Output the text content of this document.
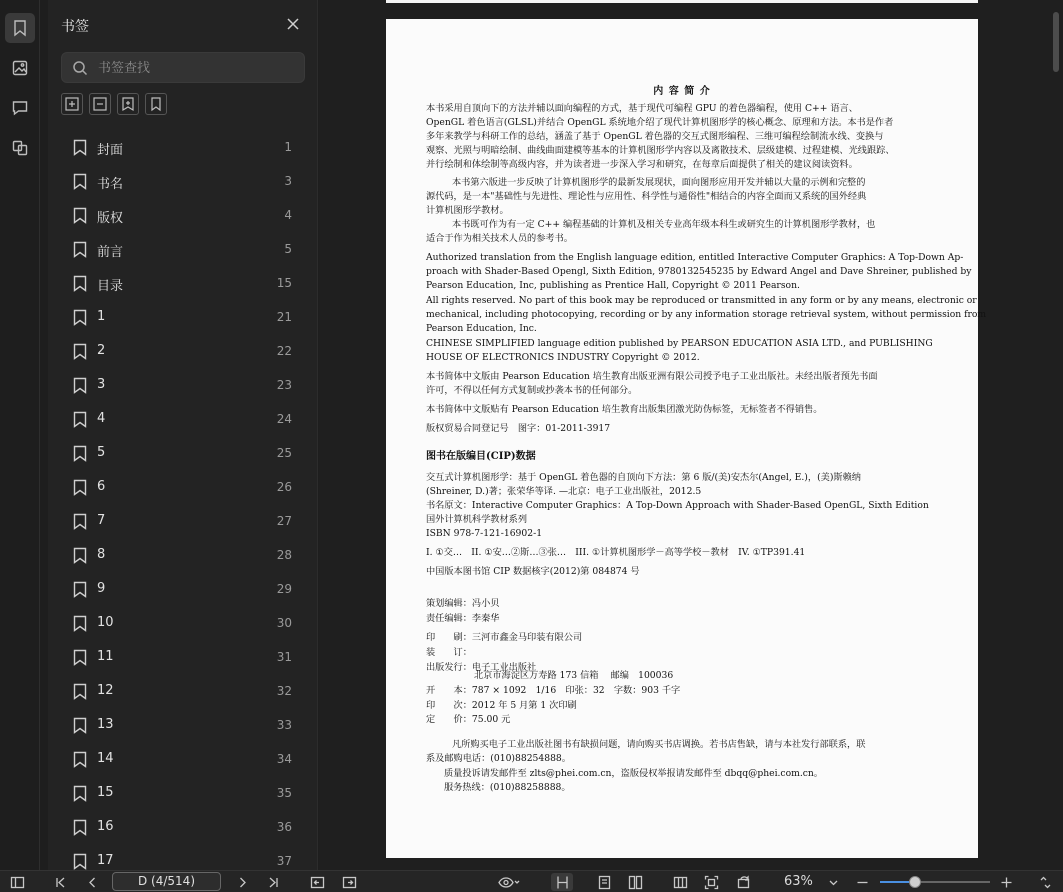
书签
书签查找
封面	1
书名	3
版权	4
前言	5
目录	15
1	21
2	22
3	23
4	24
5	25
6	26
7	27
8	28
9	29
10	30
11	31
12	32
13	33
14	34
15	35
16	36
17	37
内 容 简 介
本书采用自顶向下的方法并辅以面向编程的方式，基于现代可编程 GPU 的着色器编程，使用 C++ 语言、
OpenGL 着色语言(GLSL)并结合 OpenGL 系统地介绍了现代计算机图形学的核心概念、原理和方法。本书是作者
多年来教学与科研工作的总结，涵盖了基于 OpenGL 着色器的交互式图形编程、三维可编程绘制流水线、变换与
观察、光照与明暗绘制、曲线曲面建模等基本的计算机图形学内容以及离散技术、层级建模、过程建模、光线跟踪、
并行绘制和体绘制等高级内容，并为读者进一步深入学习和研究，在每章后面提供了相关的建议阅读资料。
本书第六版进一步反映了计算机图形学的最新发展现状，面向图形应用开发并辅以大量的示例和完整的
源代码，是一本"基础性与先进性、理论性与应用性、科学性与通俗性"相结合的内容全面而又系统的国外经典
计算机图形学教材。
本书既可作为有一定 C++ 编程基础的计算机及相关专业高年级本科生或研究生的计算机图形学教材，也
适合于作为相关技术人员的参考书。
Authorized translation from the English language edition, entitled Interactive Computer Graphics: A Top-Down Ap-
proach with Shader-Based Opengl, Sixth Edition, 9780132545235 by Edward Angel and Dave Shreiner, published by
Pearson Education, Inc, publishing as Prentice Hall, Copyright © 2011 Pearson.
All rights reserved. No part of this book may be reproduced or transmitted in any form or by any means, electronic or
mechanical, including photocopying, recording or by any information storage retrieval system, without permission from
Pearson Education, Inc.
CHINESE SIMPLIFIED language edition published by PEARSON EDUCATION ASIA LTD., and PUBLISHING
HOUSE OF ELECTRONICS INDUSTRY Copyright © 2012.
本书简体中文版由 Pearson Education 培生教育出版亚洲有限公司授予电子工业出版社。未经出版者预先书面
许可，不得以任何方式复制或抄袭本书的任何部分。
本书简体中文版贴有 Pearson Education 培生教育出版集团激光防伪标签，无标签者不得销售。
版权贸易合同登记号　图字：01-2011-3917
图书在版编目(CIP)数据
交互式计算机图形学：基于 OpenGL 着色器的自顶向下方法：第 6 版/(美)安杰尔(Angel, E.)，(美)斯赖纳
(Shreiner, D.)著；张荣华等译. —北京：电子工业出版社，2012.5
书名原文：Interactive Computer Graphics：A Top-Down Approach with Shader-Based OpenGL, Sixth Edition
国外计算机科学教材系列
ISBN 978-7-121-16902-1
I. ①交…　II. ①安…②斯…③张…　III. ①计算机图形学－高等学校－教材　IV. ①TP391.41
中国版本图书馆 CIP 数据核字(2012)第 084874 号
策划编辑：冯小贝
责任编辑：李秦华
印　　刷：三河市鑫金马印装有限公司
装　　订：
出版发行：电子工业出版社
北京市海淀区万寿路 173 信箱　 邮编　100036
开　　本：787 × 1092　1/16　印张：32　字数：903 千字
印　　次：2012 年 5 月第 1 次印刷
定　　价：75.00 元
凡所购买电子工业出版社图书有缺损问题，请向购买书店调换。若书店售缺，请与本社发行部联系，联
系及邮购电话：(010)88254888。
质量投诉请发邮件至 zlts@phei.com.cn，盗版侵权举报请发邮件至 dbqq@phei.com.cn。
服务热线：(010)88258888。
D (4/514)	63%
